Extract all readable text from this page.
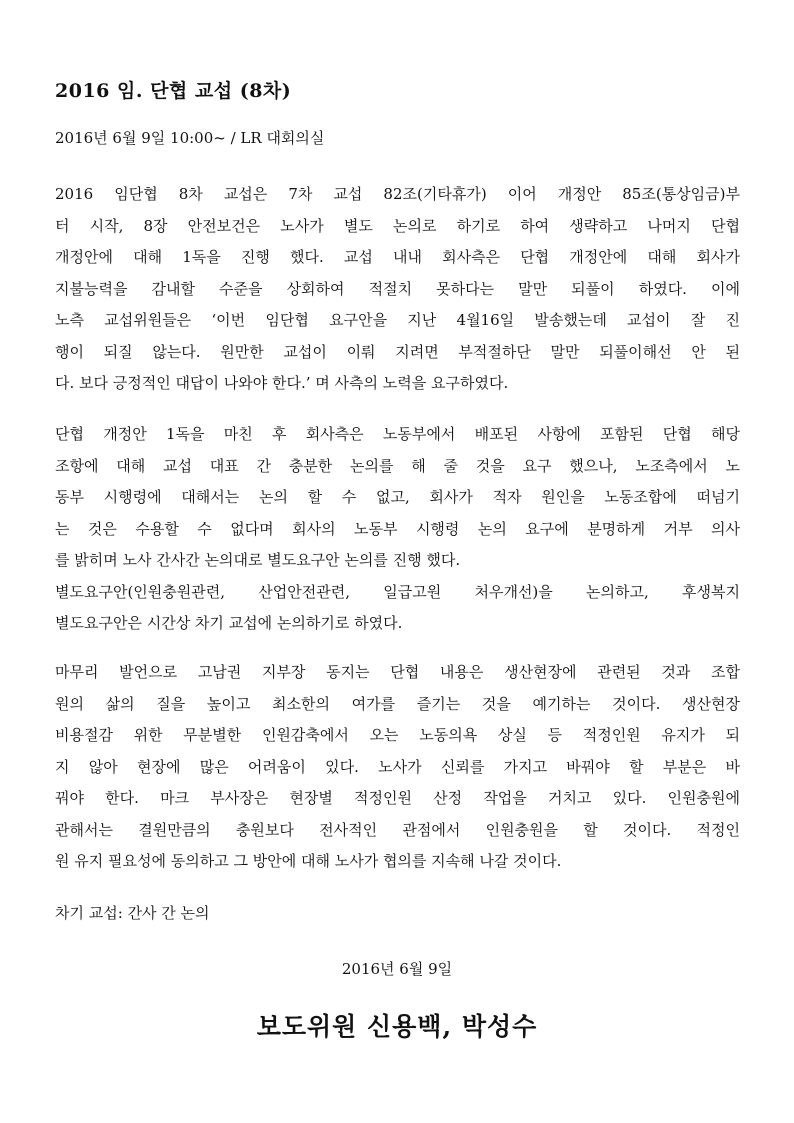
2016 임. 단협 교섭 (8차)

2016년 6월 9일 10:00~ / LR 대회의실

2016 임단협 8차 교섭은 7차 교섭 82조(기타휴가) 이어 개정안 85조(통상임금)부
터 시작, 8장 안전보건은 노사가 별도 논의로 하기로 하여 생략하고 나머지 단협
개정안에 대해 1독을 진행 했다. 교섭 내내 회사측은 단협 개정안에 대해 회사가
지불능력을 감내할 수준을 상회하여 적절치 못하다는 말만 되풀이 하였다. 이에
노측 교섭위원들은 ‘이번 임단협 요구안을 지난 4월16일 발송했는데 교섭이 잘 진
행이 되질 않는다. 원만한 교섭이 이뤄 지려면 부적절하단 말만 되풀이해선 안 된
다. 보다 긍정적인 대답이 나와야 한다.’ 며 사측의 노력을 요구하였다.
단협 개정안 1독을 마친 후 회사측은 노동부에서 배포된 사항에 포함된 단협 해당
조항에 대해 교섭 대표 간 충분한 논의를 해 줄 것을 요구 했으나, 노조측에서 노
동부 시행령에 대해서는 논의 할 수 없고, 회사가 적자 원인을 노동조합에 떠넘기
는 것은 수용할 수 없다며 회사의 노동부 시행령 논의 요구에 분명하게 거부 의사
를 밝히며 노사 간사간 논의대로 별도요구안 논의를 진행 했다.
별도요구안(인원충원관련, 산업안전관련, 일급고원 처우개선)을 논의하고, 후생복지
별도요구안은 시간상 차기 교섭에 논의하기로 하였다.
마무리 발언으로 고남권 지부장 동지는 단협 내용은 생산현장에 관련된 것과 조합
원의 삶의 질을 높이고 최소한의 여가를 즐기는 것을 예기하는 것이다. 생산현장
비용절감 위한 무분별한 인원감축에서 오는 노동의욕 상실 등 적정인원 유지가 되
지 않아 현장에 많은 어려움이 있다. 노사가 신뢰를 가지고 바꿔야 할 부분은 바
꿔야 한다. 마크 부사장은 현장별 적정인원 산정 작업을 거치고 있다. 인원충원에
관해서는 결원만큼의 충원보다 전사적인 관점에서 인원충원을 할 것이다. 적정인
원 유지 필요성에 동의하고 그 방안에 대해 노사가 협의를 지속해 나갈 것이다.

차기 교섭: 간사 간 논의

2016년 6월 9일

보도위원 신용백, 박성수
